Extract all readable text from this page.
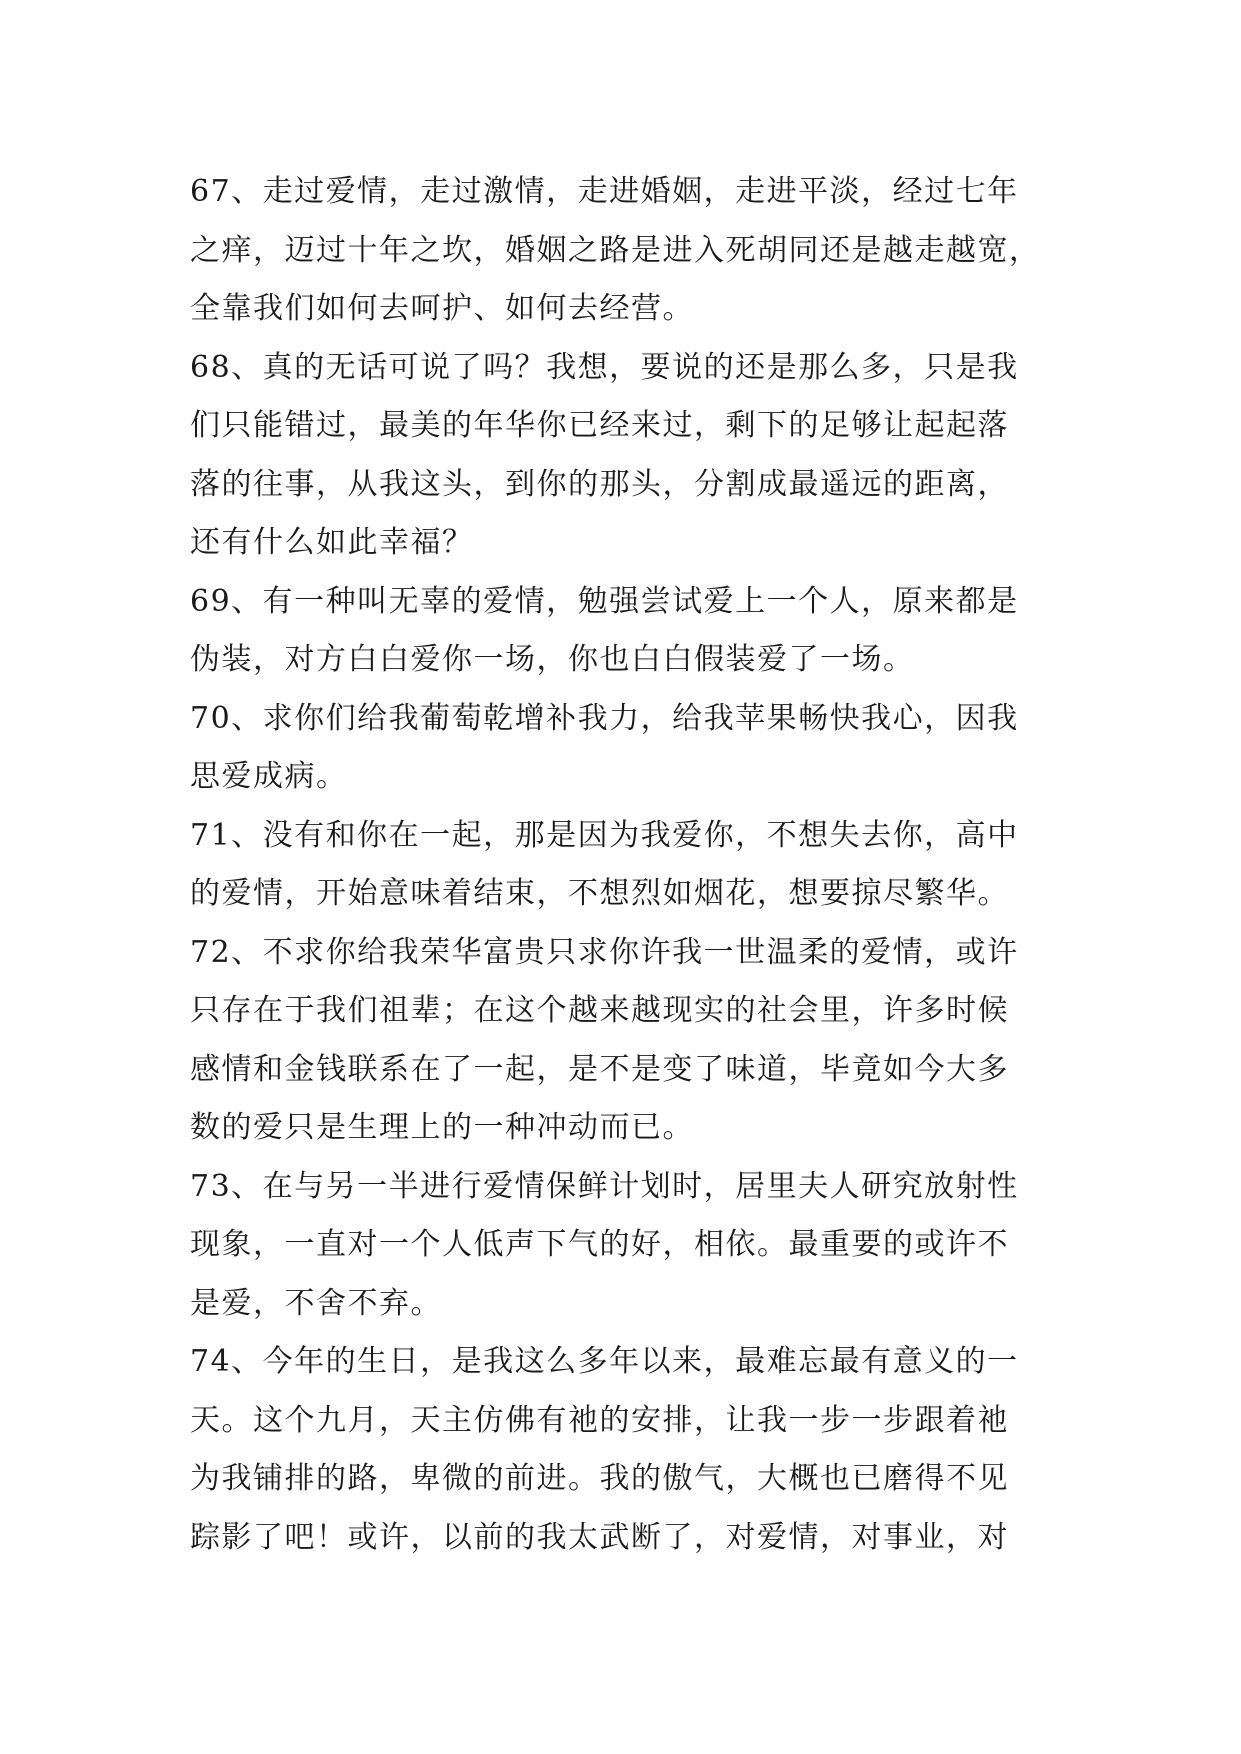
67、走过爱情，走过激情，走进婚姻，走进平淡，经过七年
之痒，迈过十年之坎，婚姻之路是进入死胡同还是越走越宽，
全靠我们如何去呵护、如何去经营。
68、真的无话可说了吗？我想，要说的还是那么多，只是我
们只能错过，最美的年华你已经来过，剩下的足够让起起落
落的往事，从我这头，到你的那头，分割成最遥远的距离，
还有什么如此幸福？
69、有一种叫无辜的爱情，勉强尝试爱上一个人，原来都是
伪装，对方白白爱你一场，你也白白假装爱了一场。
70、求你们给我葡萄乾增补我力，给我苹果畅快我心，因我
思爱成病。
71、没有和你在一起，那是因为我爱你，不想失去你，高中
的爱情，开始意味着结束，不想烈如烟花，想要掠尽繁华。
72、不求你给我荣华富贵只求你许我一世温柔的爱情，或许
只存在于我们祖辈；在这个越来越现实的社会里，许多时候
感情和金钱联系在了一起，是不是变了味道，毕竟如今大多
数的爱只是生理上的一种冲动而已。
73、在与另一半进行爱情保鲜计划时，居里夫人研究放射性
现象，一直对一个人低声下气的好，相依。最重要的或许不
是爱，不舍不弃。
74、今年的生日，是我这么多年以来，最难忘最有意义的一
天。这个九月，天主仿佛有祂的安排，让我一步一步跟着祂
为我铺排的路，卑微的前进。我的傲气，大概也已磨得不见
踪影了吧！或许，以前的我太武断了，对爱情，对事业，对
